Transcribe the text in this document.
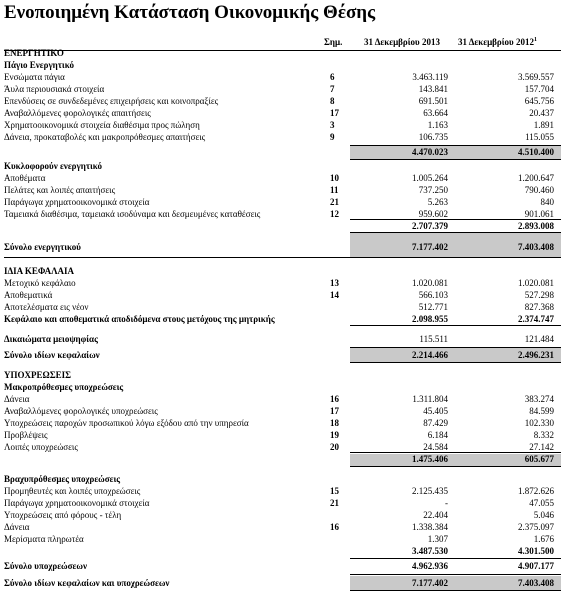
Ενοποιημένη Κατάσταση Οικονομικής Θέσης
Σημ. 31 Δεκεμβρίου 2013 31 Δεκεμβρίου 2012$^1$
ΕΝΕΡΓΗΤΙΚΟ
Πάγιο Ενεργητικό
Ενσώματα πάγια	6	3.463.119	3.569.557
Άυλα περιουσιακά στοιχεία	7	143.841	157.704
Επενδύσεις σε συνδεδεμένες επιχειρήσεις και κοινοπραξίες	8	691.501	645.756
Αναβαλλόμενες φορολογικές απαιτήσεις	17	63.664	20.437
Χρηματοοικονομικά στοιχεία διαθέσιμα προς πώληση	3	1.163	1.891
Δάνεια, προκαταβολές και μακροπρόθεσμες απαιτήσεις	9	106.735	115.055
4.470.023	4.510.400
Κυκλοφορούν ενεργητικό
Αποθέματα	10	1.005.264	1.200.647
Πελάτες και λοιπές απαιτήσεις	11	737.250	790.460
Παράγωγα χρηματοοικονομικά στοιχεία	21	5.263	840
Ταμειακά διαθέσιμα, ταμειακά ισοδύναμα και δεσμευμένες καταθέσεις	12	959.602	901.061
2.707.379	2.893.008
Σύνολο ενεργητικού	7.177.402	7.403.408
ΙΔΙΑ ΚΕΦΑΛΑΙΑ
Μετοχικό κεφάλαιο	13	1.020.081	1.020.081
Αποθεματικά	14	566.103	527.298
Αποτελέσματα εις νέον	512.771	827.368
Κεφάλαιο και αποθεματικά αποδιδόμενα στους μετόχους της μητρικής	2.098.955	2.374.747
Δικαιώματα μειοψηφίας	115.511	121.484
Σύνολο ιδίων κεφαλαίων	2.214.466	2.496.231
ΥΠΟΧΡΕΩΣΕΙΣ
Μακροπρόθεσμες υποχρεώσεις
Δάνεια	16	1.311.804	383.274
Αναβαλλόμενες φορολογικές υποχρεώσεις	17	45.405	84.599
Υποχρεώσεις παροχών προσωπικού λόγω εξόδου από την υπηρεσία	18	87.429	102.330
Προβλέψεις	19	6.184	8.332
Λοιπές υποχρεώσεις	20	24.584	27.142
1.475.406	605.677
Βραχυπρόθεσμες υποχρεώσεις
Προμηθευτές και λοιπές υποχρεώσεις	15	2.125.435	1.872.626
Παράγωγα χρηματοοικονομικά στοιχεία	21	-	47.055
Υποχρεώσεις από φόρους - τέλη	22.404	5.046
Δάνεια	16	1.338.384	2.375.097
Μερίσματα πληρωτέα	1.307	1.676
3.487.530	4.301.500
Σύνολο υποχρεώσεων	4.962.936	4.907.177
Σύνολο ιδίων κεφαλαίων και υποχρεώσεων	7.177.402	7.403.408
